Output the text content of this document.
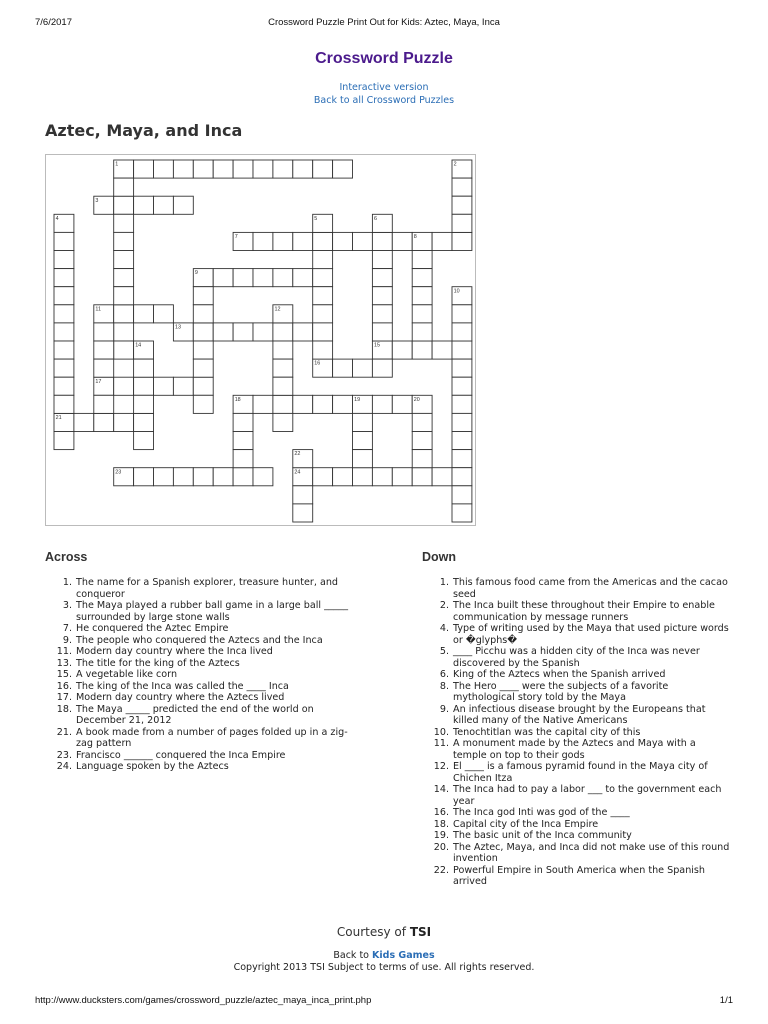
7/6/2017	Crossword Puzzle Print Out for Kids: Aztec, Maya, Inca
Crossword Puzzle
Interactive version
Back to all Crossword Puzzles
Aztec, Maya, and Inca
1
3
7
9
11
13
15
16
17
18
21
23	24
2
4	5	6
8
10
12
14
19	20
22
Across	Down
1. The name for a Spanish explorer, treasure hunter, and conqueror
3. The Maya played a rubber ball game in a large ball _____ surrounded by large stone walls
7. He conquered the Aztec Empire
9. The people who conquered the Aztecs and the Inca
11. Modern day country where the Inca lived
13. The title for the king of the Aztecs
15. A vegetable like corn
16. The king of the Inca was called the ____ Inca
17. Modern day country where the Aztecs lived
18. The Maya _____ predicted the end of the world on December 21, 2012
21. A book made from a number of pages folded up in a zig-zag pattern
23. Francisco ______ conquered the Inca Empire
24. Language spoken by the Aztecs
1. This famous food came from the Americas and the cacao seed
2. The Inca built these throughout their Empire to enable communication by message runners
4. Type of writing used by the Maya that used picture words or �glyphs�
5. ____ Picchu was a hidden city of the Inca was never discovered by the Spanish
6. King of the Aztecs when the Spanish arrived
8. The Hero ____ were the subjects of a favorite mythological story told by the Maya
9. An infectious disease brought by the Europeans that killed many of the Native Americans
10. Tenochtitlan was the capital city of this
11. A monument made by the Aztecs and Maya with a temple on top to their gods
12. El ____ is a famous pyramid found in the Maya city of Chichen Itza
14. The Inca had to pay a labor ___ to the government each year
16. The Inca god Inti was god of the ____
18. Capital city of the Inca Empire
19. The basic unit of the Inca community
20. The Aztec, Maya, and Inca did not make use of this round invention
22. Powerful Empire in South America when the Spanish arrived
Courtesy of TSI
Back to Kids Games
Copyright 2013 TSI Subject to terms of use. All rights reserved.
http://www.ducksters.com/games/crossword_puzzle/aztec_maya_inca_print.php	1/1
